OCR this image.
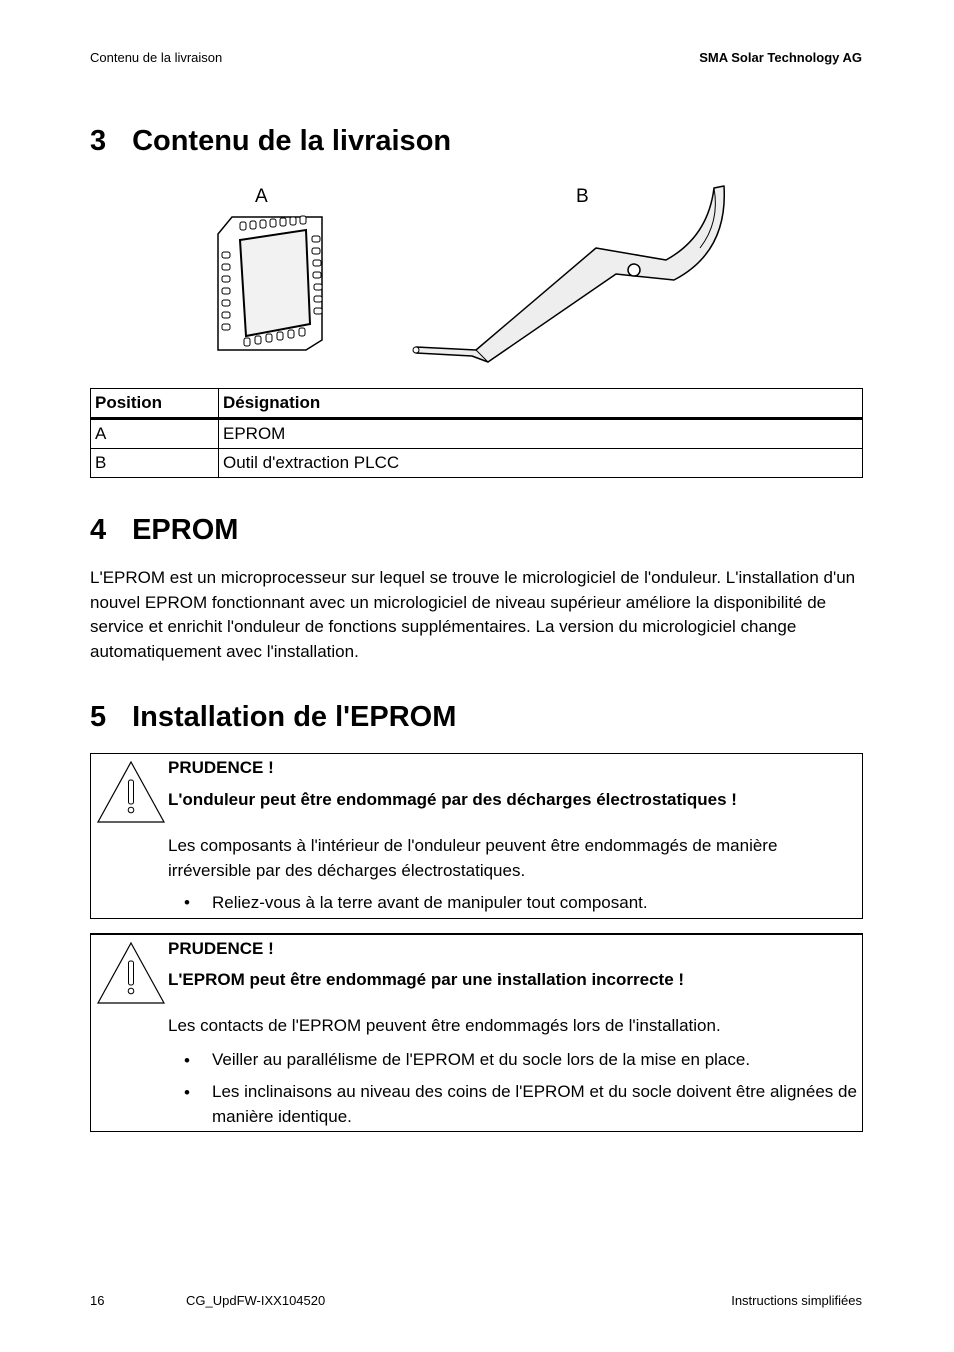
Contenu de la livraison	SMA Solar Technology AG
3 Contenu de la livraison
A	B
Position	Désignation
A	EPROM
B	Outil d'extraction PLCC
4 EPROM
L'EPROM est un microprocesseur sur lequel se trouve le micrologiciel de l'onduleur. L'installation d'un
nouvel EPROM fonctionnant avec un micrologiciel de niveau supérieur améliore la disponibilité de
service et enrichit l'onduleur de fonctions supplémentaires. La version du micrologiciel change
automatiquement avec l'installation.
5 Installation de l'EPROM
PRUDENCE !
L'onduleur peut être endommagé par des décharges électrostatiques !
Les composants à l'intérieur de l'onduleur peuvent être endommagés de manière
irréversible par des décharges électrostatiques.
• Reliez-vous à la terre avant de manipuler tout composant.
PRUDENCE !
L'EPROM peut être endommagé par une installation incorrecte !
Les contacts de l'EPROM peuvent être endommagés lors de l'installation.
• Veiller au parallélisme de l'EPROM et du socle lors de la mise en place.
• Les inclinaisons au niveau des coins de l'EPROM et du socle doivent être alignées de
manière identique.
16	CG_UpdFW-IXX104520	Instructions simplifiées
